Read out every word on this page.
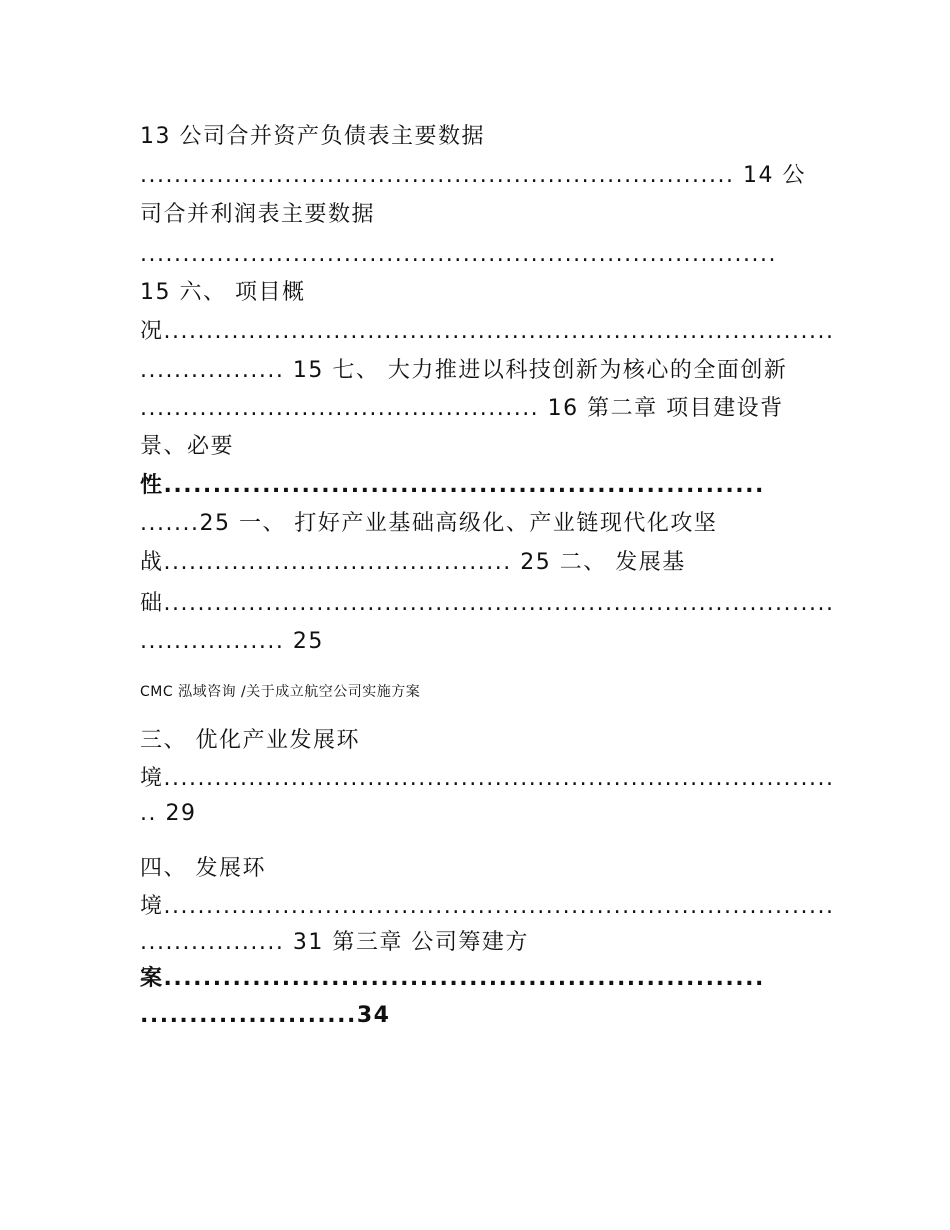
13 公司合并资产负债表主要数据
...................................................................... 14 公
司合并利润表主要数据
...........................................................................
15 六、 项目概
况...............................................................................
................. 15 七、 大力推进以科技创新为核心的全面创新
............................................... 16 第二章 项目建设背
景、必要
性.............................................................
.......25 一、 打好产业基础高级化、产业链现代化攻坚
战......................................... 25 二、 发展基
础...............................................................................
................. 25
CMC 泓域咨询 /关于成立航空公司实施方案
三、 优化产业发展环
境...............................................................................
.. 29
四、 发展环
境...............................................................................
................. 31 第三章 公司筹建方
案.............................................................
......................34
